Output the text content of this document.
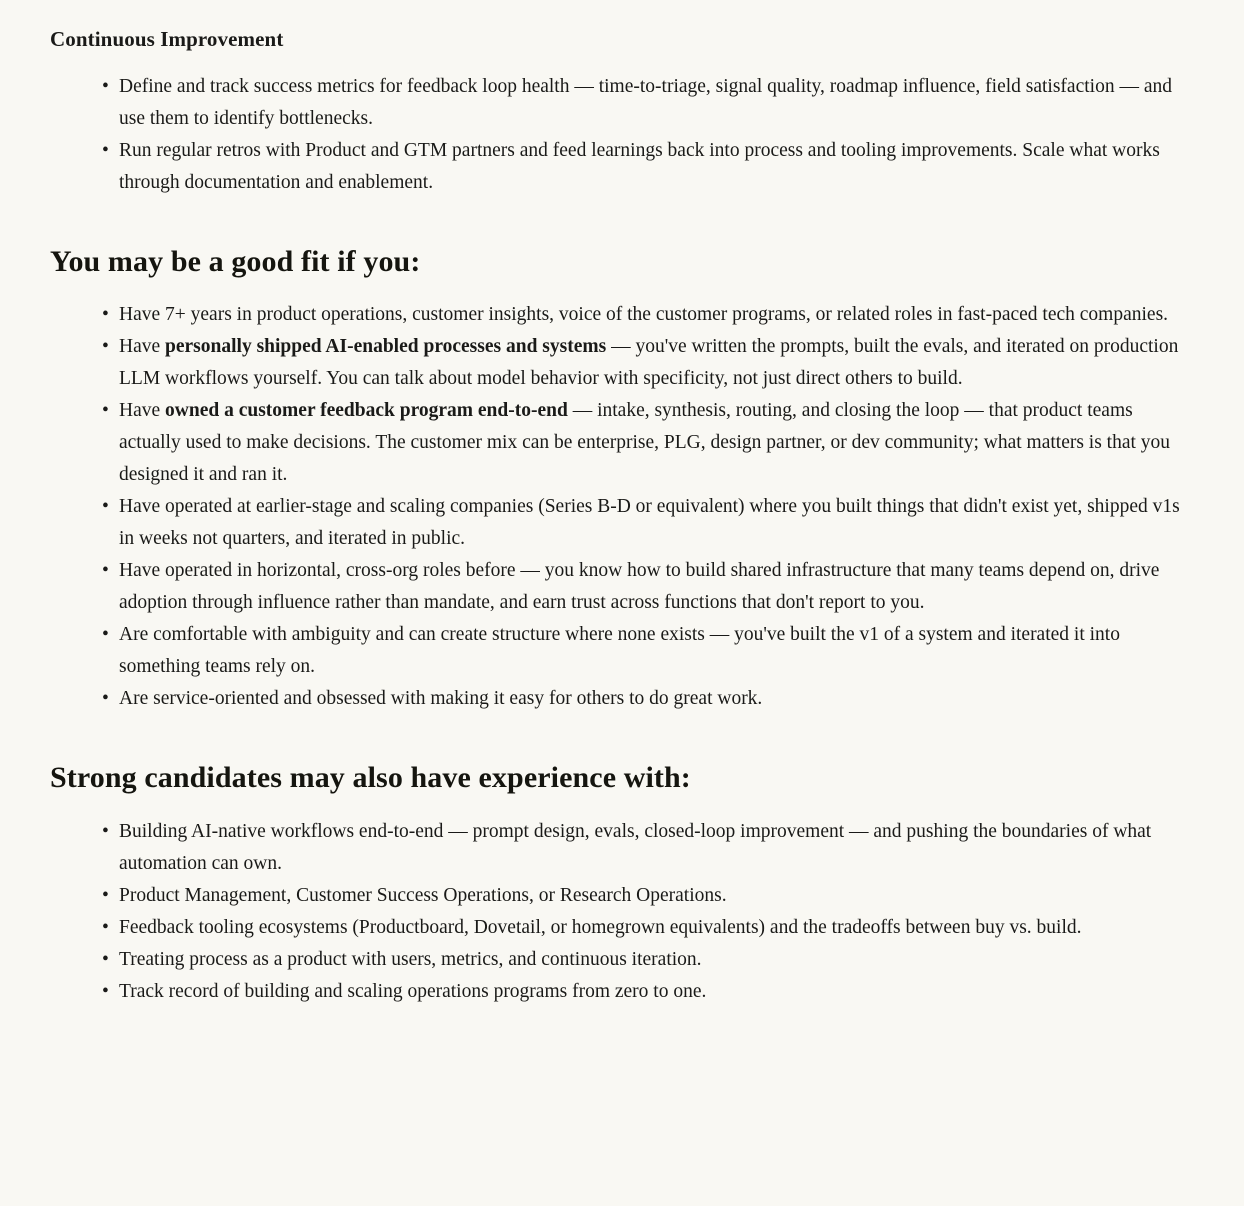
Continuous Improvement
• Define and track success metrics for feedback loop health — time-to-triage, signal quality, roadmap influence, field satisfaction — and use them to identify bottlenecks.
• Run regular retros with Product and GTM partners and feed learnings back into process and tooling improvements. Scale what works through documentation and enablement.
You may be a good fit if you:
• Have 7+ years in product operations, customer insights, voice of the customer programs, or related roles in fast-paced tech companies.
• Have personally shipped AI-enabled processes and systems — you've written the prompts, built the evals, and iterated on production LLM workflows yourself. You can talk about model behavior with specificity, not just direct others to build.
• Have owned a customer feedback program end-to-end — intake, synthesis, routing, and closing the loop — that product teams actually used to make decisions. The customer mix can be enterprise, PLG, design partner, or dev community; what matters is that you designed it and ran it.
• Have operated at earlier-stage and scaling companies (Series B-D or equivalent) where you built things that didn't exist yet, shipped v1s in weeks not quarters, and iterated in public.
• Have operated in horizontal, cross-org roles before — you know how to build shared infrastructure that many teams depend on, drive adoption through influence rather than mandate, and earn trust across functions that don't report to you.
• Are comfortable with ambiguity and can create structure where none exists — you've built the v1 of a system and iterated it into something teams rely on.
• Are service-oriented and obsessed with making it easy for others to do great work.
Strong candidates may also have experience with:
• Building AI-native workflows end-to-end — prompt design, evals, closed-loop improvement — and pushing the boundaries of what automation can own.
• Product Management, Customer Success Operations, or Research Operations.
• Feedback tooling ecosystems (Productboard, Dovetail, or homegrown equivalents) and the tradeoffs between buy vs. build.
• Treating process as a product with users, metrics, and continuous iteration.
• Track record of building and scaling operations programs from zero to one.
